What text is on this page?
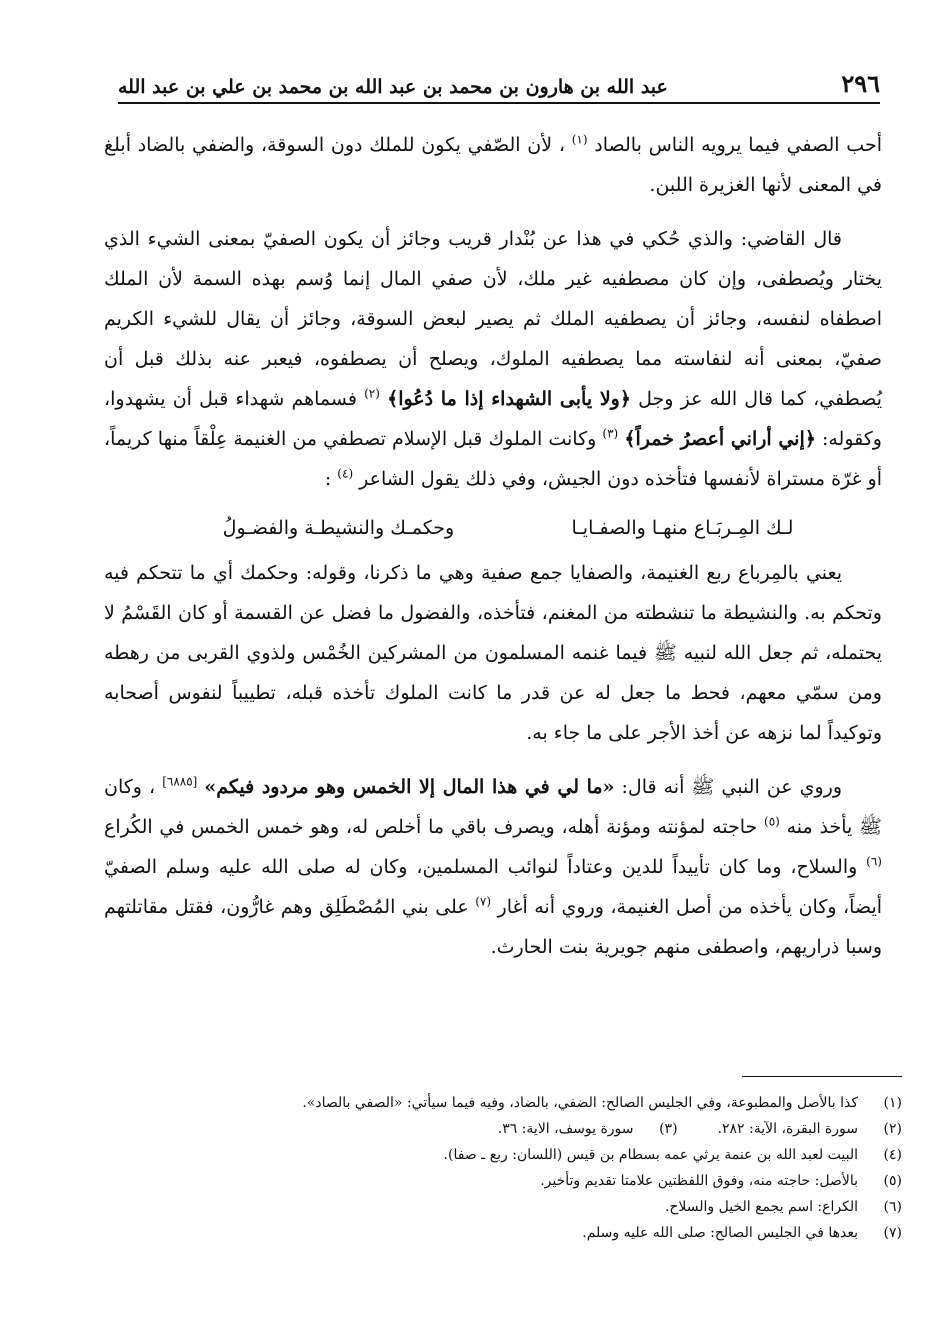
٢٩٦
عبد الله بن هارون بن محمد بن عبد الله بن محمد بن علي بن عبد الله

أحب الصفي فيما يرويه الناس بالصاد $^{(١)}$ ، لأن الصّفي يكون للملك دون السوقة، والضفي بالضاد أبلغ في المعنى لأنها الغزيرة اللبن.

قال القاضي: والذي حُكي في هذا عن بُنْدار قريب وجائز أن يكون الصفيّ بمعنى الشيء الذي يختار ويُصطفى، وإن كان مصطفيه غير ملك، لأن صفي المال إنما وُسم بهذه السمة لأن الملك اصطفاه لنفسه، وجائز أن يصطفيه الملك ثم يصير لبعض السوقة، وجائز أن يقال للشيء الكريم صفيّ، بمعنى أنه لنفاسته مما يصطفيه الملوك، ويصلح أن يصطفوه، فيعبر عنه بذلك قبل أن يُصطفي، كما قال الله عز وجل ﴿ولا يأبى الشهداء إذا ما دُعُوا﴾ $^{(٢)}$ فسماهم شهداء قبل أن يشهدوا، وكقوله: ﴿إني أراني أعصرُ خمراً﴾ $^{(٣)}$ وكانت الملوك قبل الإسلام تصطفي من الغنيمة عِلْقاً منها كريماً، أو غرّة مستراة لأنفسها فتأخذه دون الجيش، وفي ذلك يقول الشاعر $^{(٤)}$ :

لـك المِـربَـاع منهـا والصفـايـا
وحكمـك والنشيطـة والفضـولُ

يعني بالمِرباع ربع الغنيمة، والصفايا جمع صفية وهي ما ذكرنا، وقوله: وحكمك أي ما تتحكم فيه وتحكم به. والنشيطة ما تنشطته من المغنم، فتأخذه، والفضول ما فضل عن القسمة أو كان القَسْمُ لا يحتمله، ثم جعل الله لنبيه ﷺ فيما غنمه المسلمون من المشركين الخُمْس ولذوي القربى من رهطه ومن سمّي معهم، فحط ما جعل له عن قدر ما كانت الملوك تأخذه قبله، تطييباً لنفوس أصحابه وتوكيداً لما نزهه عن أخذ الأجر على ما جاء به.

وروي عن النبي ﷺ أنه قال: «ما لي في هذا المال إلا الخمس وهو مردود فيكم» [٦٨٨٥] ، وكان ﷺ يأخذ منه $^{(٥)}$ حاجته لمؤنته ومؤنة أهله، ويصرف باقي ما أخلص له، وهو خمس الخمس في الكُراع $^{(٦)}$ والسلاح، وما كان تأييداً للدين وعتاداً لنوائب المسلمين، وكان له صلى الله عليه وسلم الصفيّ أيضاً، وكان يأخذه من أصل الغنيمة، وروي أنه أغار $^{(٧)}$ على بني المُصْطَلِق وهم غارُّون، فقتل مقاتلتهم وسبا ذراريهم، واصطفى منهم جويرية بنت الحارث.

(١)
كذا بالأصل والمطبوعة، وفي الجليس الصالح: الضفي، بالضاد، وفيه فيما سيأتي: «الصفي بالصاد».
(٢)
سورة البقرة، الآية: ٢٨٢.
(٣)
سورة يوسف، الاية: ٣٦.
(٤)
البيت لعبد الله بن عنمة يرثي عمه بسطام بن قيس (اللسان: ربع ـ صفا).
(٥)
بالأصل: حاجته منه، وفوق اللفظتين علامتا تقديم وتأخير.
(٦)
الكراع: اسم يجمع الخيل والسلاح.
(٧)
بعدها في الجليس الصالح: صلى الله عليه وسلم.
